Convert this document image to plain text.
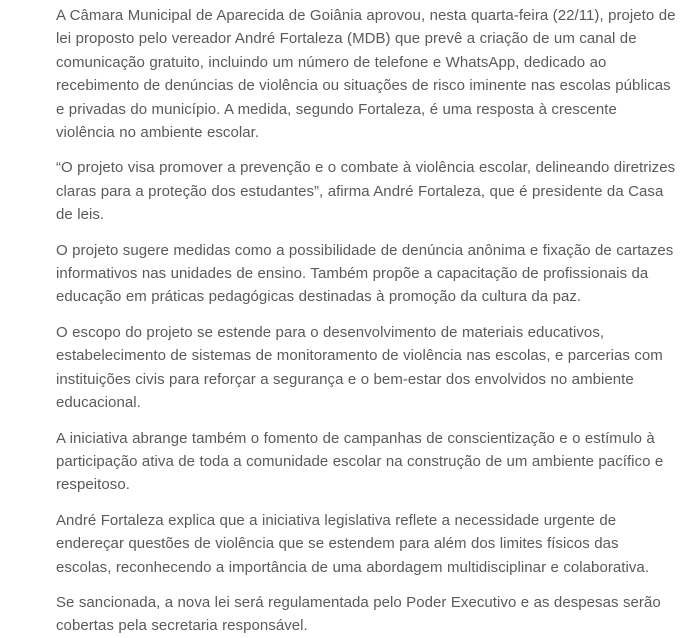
A Câmara Municipal de Aparecida de Goiânia aprovou, nesta quarta-feira (22/11), projeto de lei proposto pelo vereador André Fortaleza (MDB) que prevê a criação de um canal de comunicação gratuito, incluindo um número de telefone e WhatsApp, dedicado ao recebimento de denúncias de violência ou situações de risco iminente nas escolas públicas e privadas do município. A medida, segundo Fortaleza, é uma resposta à crescente violência no ambiente escolar.

“O projeto visa promover a prevenção e o combate à violência escolar, delineando diretrizes claras para a proteção dos estudantes”, afirma André Fortaleza, que é presidente da Casa de leis.

O projeto sugere medidas como a possibilidade de denúncia anônima e fixação de cartazes informativos nas unidades de ensino. Também propõe a capacitação de profissionais da educação em práticas pedagógicas destinadas à promoção da cultura da paz.

O escopo do projeto se estende para o desenvolvimento de materiais educativos, estabelecimento de sistemas de monitoramento de violência nas escolas, e parcerias com instituições civis para reforçar a segurança e o bem-estar dos envolvidos no ambiente educacional.

A iniciativa abrange também o fomento de campanhas de conscientização e o estímulo à participação ativa de toda a comunidade escolar na construção de um ambiente pacífico e respeitoso.

André Fortaleza explica que a iniciativa legislativa reflete a necessidade urgente de endereçar questões de violência que se estendem para além dos limites físicos das escolas, reconhecendo a importância de uma abordagem multidisciplinar e colaborativa.

Se sancionada, a nova lei será regulamentada pelo Poder Executivo e as despesas serão cobertas pela secretaria responsável.
